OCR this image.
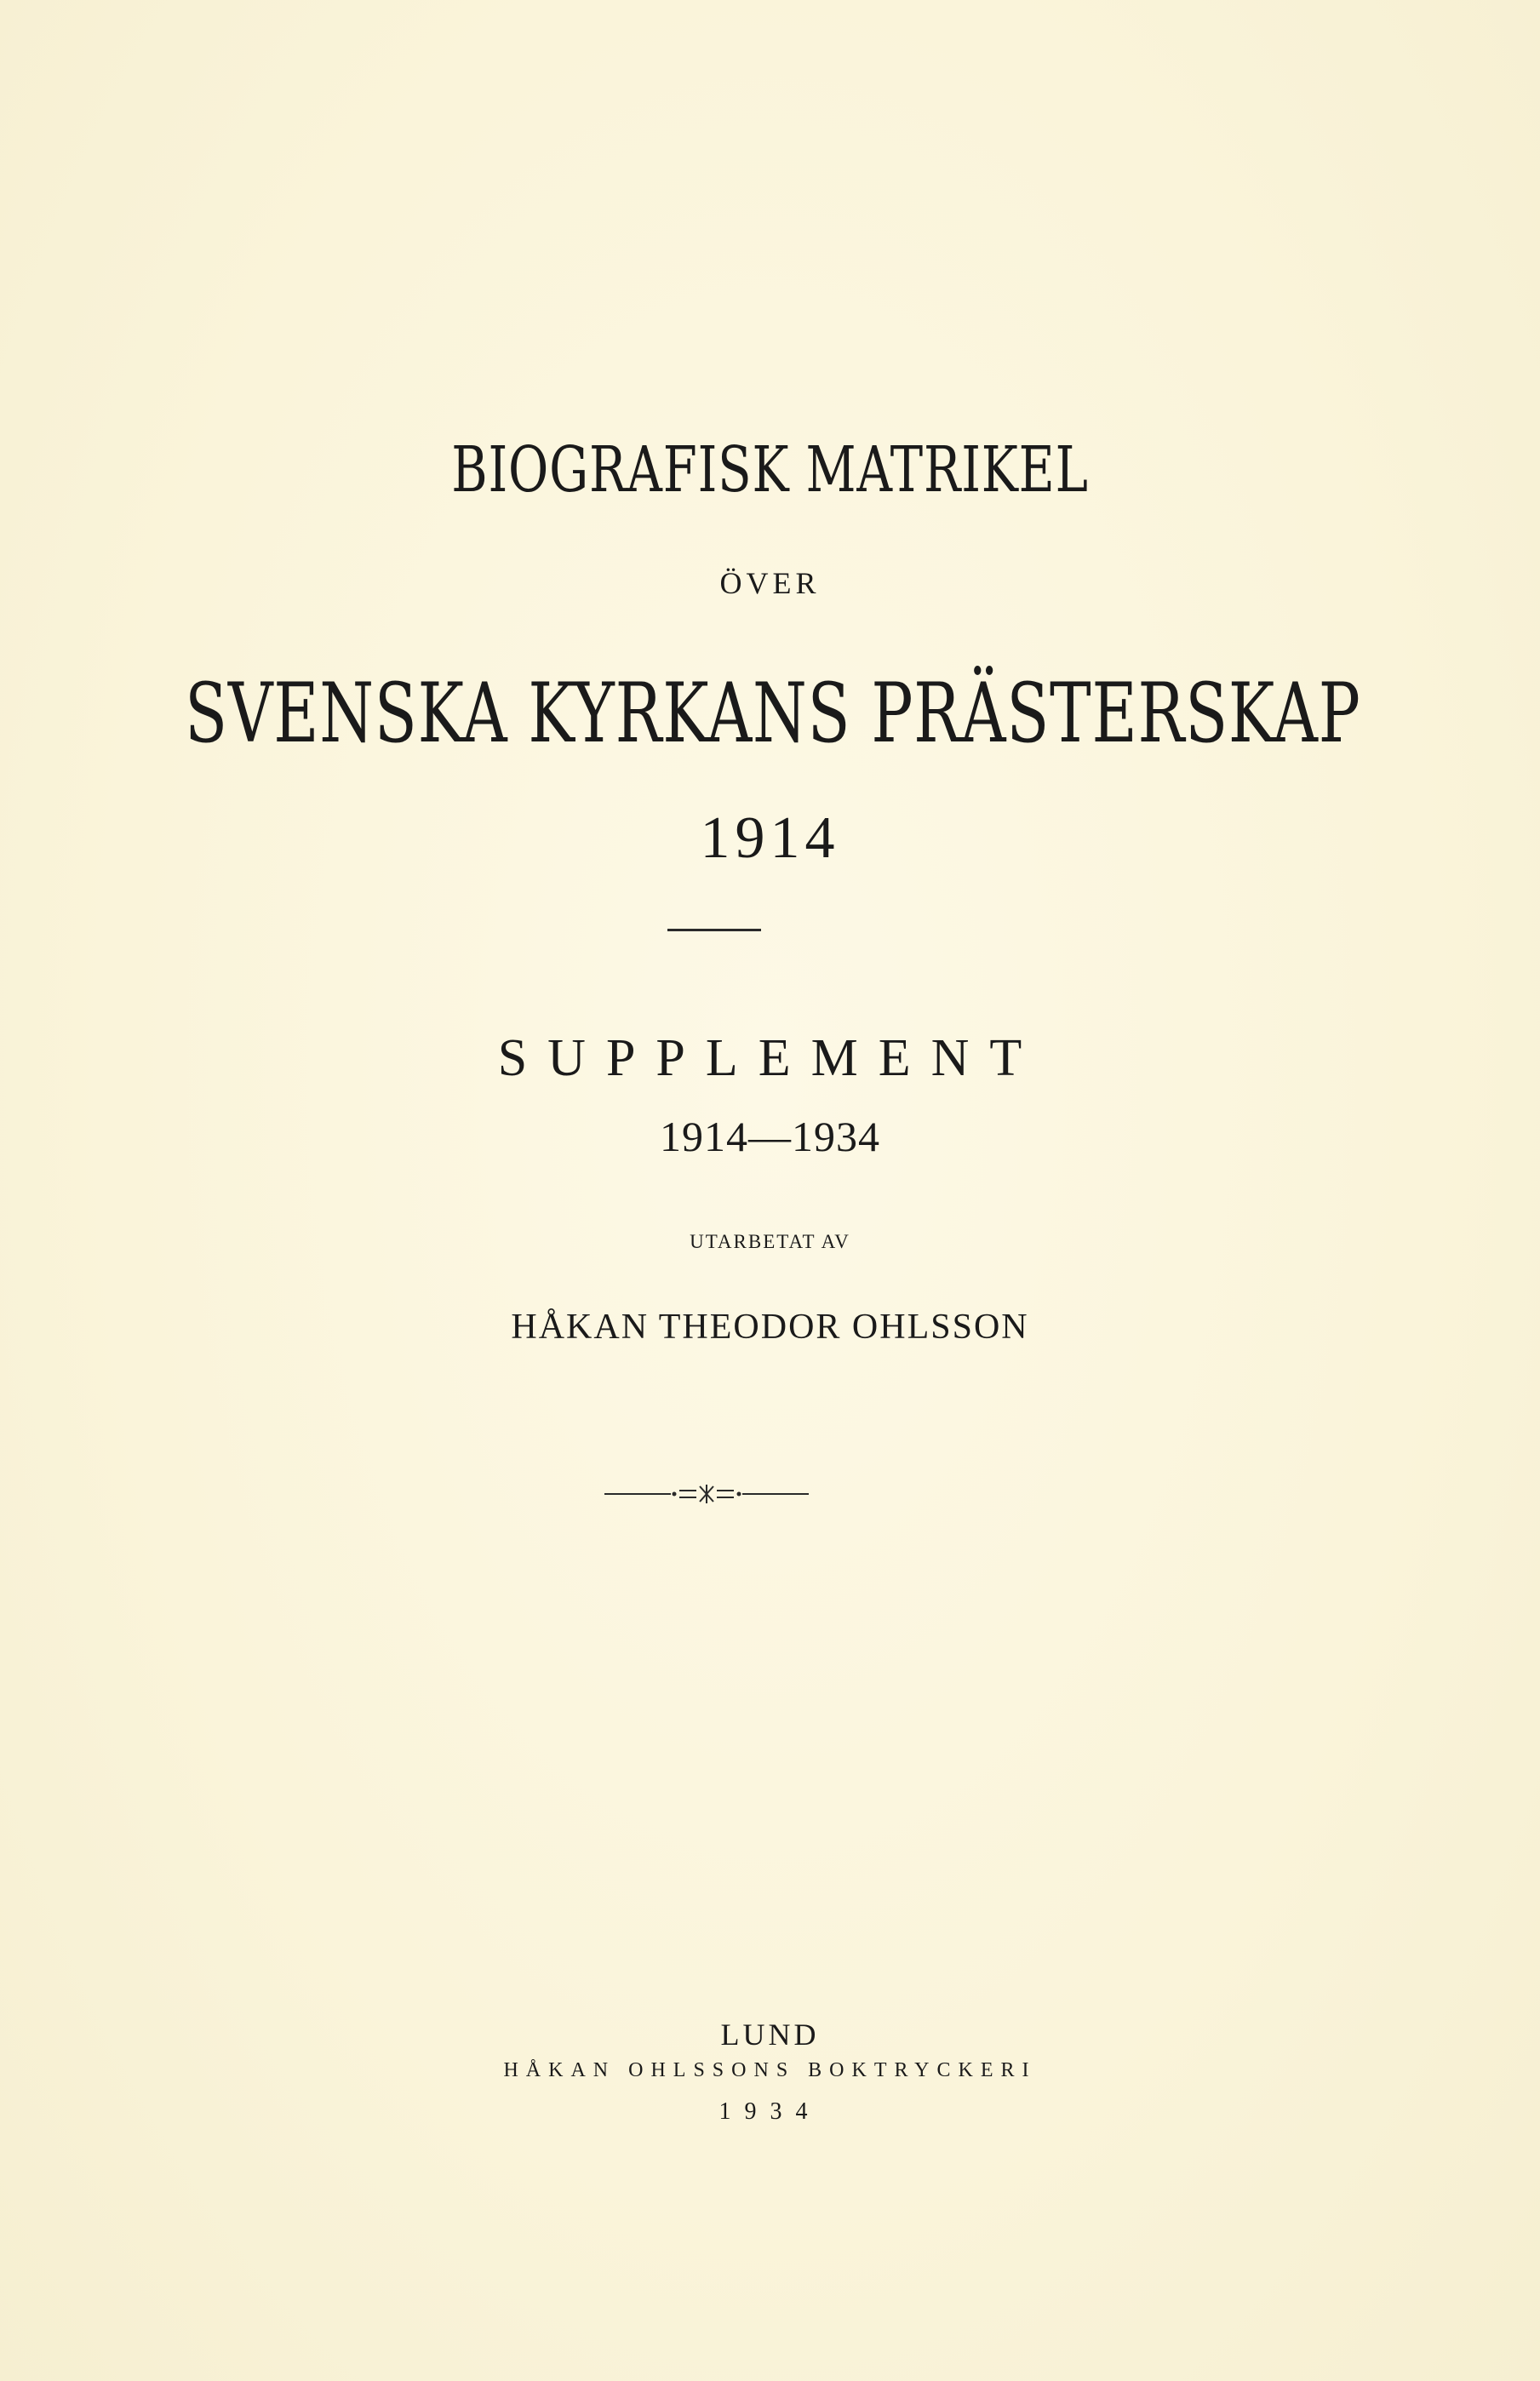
BIOGRAFISK MATRIKEL
ÖVER
SVENSKA KYRKANS PRÄSTERSKAP
1914
SUPPLEMENT
1914—1934
UTARBETAT AV
HÅKAN THEODOR OHLSSON
LUND
HÅKAN OHLSSONS BOKTRYCKERI
1934
